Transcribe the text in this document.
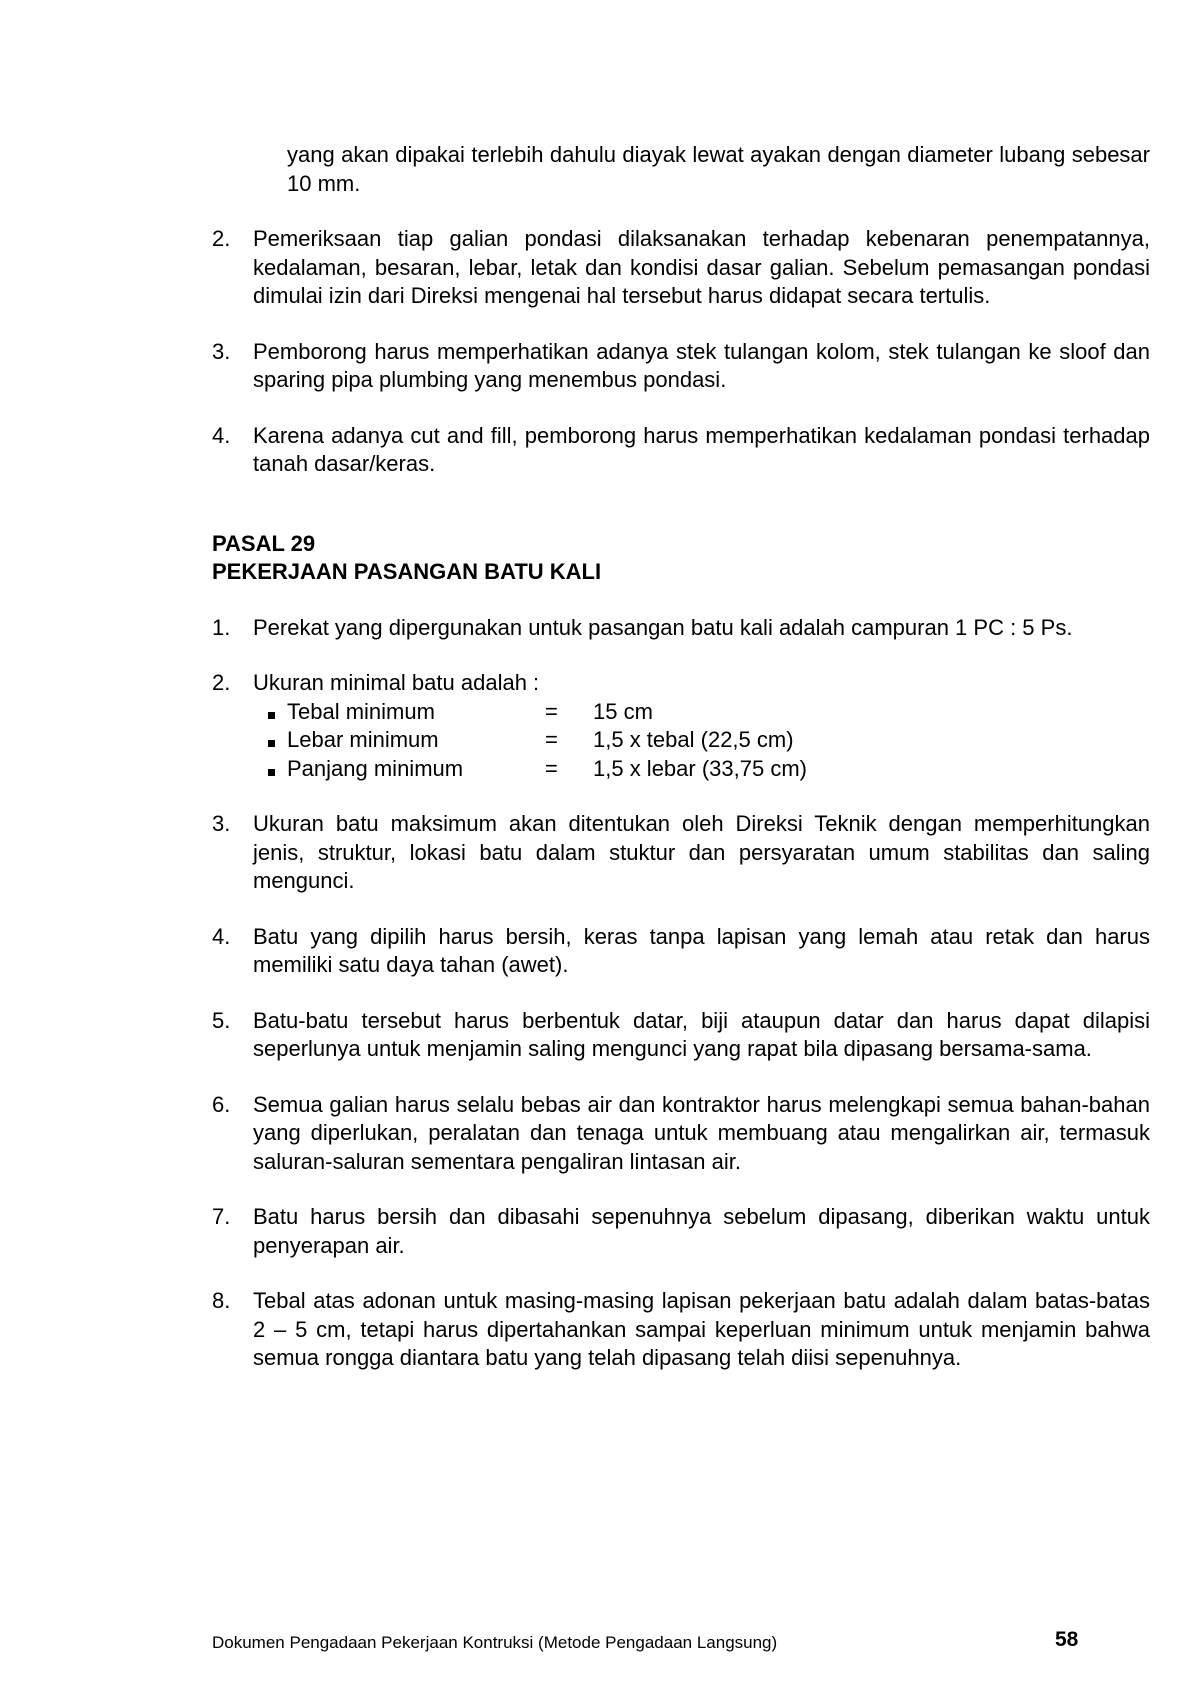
yang akan dipakai terlebih dahulu diayak lewat ayakan dengan diameter lubang sebesar 10 mm.

2.	Pemeriksaan tiap galian pondasi dilaksanakan terhadap kebenaran penempatannya, kedalaman, besaran, lebar, letak dan kondisi dasar galian. Sebelum pemasangan pondasi dimulai izin dari Direksi mengenai hal tersebut harus didapat secara tertulis.
3.	Pemborong harus memperhatikan adanya stek tulangan kolom, stek tulangan ke sloof dan sparing pipa plumbing yang menembus pondasi.
4.	Karena adanya cut and fill, pemborong harus memperhatikan kedalaman pondasi terhadap tanah dasar/keras.
PASAL 29
PEKERJAAN PASANGAN BATU KALI
1.	Perekat yang dipergunakan untuk pasangan batu kali adalah campuran 1 PC : 5 Ps.
2.	Ukuran minimal batu adalah :
Tebal minimum	=	15 cm
Lebar minimum	=	1,5 x tebal (22,5 cm)
Panjang minimum	=	1,5 x lebar (33,75 cm)
3.	Ukuran batu maksimum akan ditentukan oleh Direksi Teknik dengan memperhitungkan jenis, struktur, lokasi batu dalam stuktur dan persyaratan umum stabilitas dan saling mengunci.
4.	Batu yang dipilih harus bersih, keras tanpa lapisan yang lemah atau retak dan harus memiliki satu daya tahan (awet).
5.	Batu-batu tersebut harus berbentuk datar, biji ataupun datar dan harus dapat dilapisi seperlunya untuk menjamin saling mengunci yang rapat bila dipasang bersama-sama.
6.	Semua galian harus selalu bebas air dan kontraktor harus melengkapi semua bahan-bahan yang diperlukan, peralatan dan tenaga untuk membuang atau mengalirkan air, termasuk saluran-saluran sementara pengaliran lintasan air.
7.	Batu harus bersih dan dibasahi sepenuhnya sebelum dipasang, diberikan waktu untuk penyerapan air.
8.	Tebal atas adonan untuk masing-masing lapisan pekerjaan batu adalah dalam batas-batas 2 – 5 cm, tetapi harus dipertahankan sampai keperluan minimum untuk menjamin bahwa semua rongga diantara batu yang telah dipasang telah diisi sepenuhnya.
Dokumen Pengadaan Pekerjaan Kontruksi (Metode Pengadaan Langsung)	58
